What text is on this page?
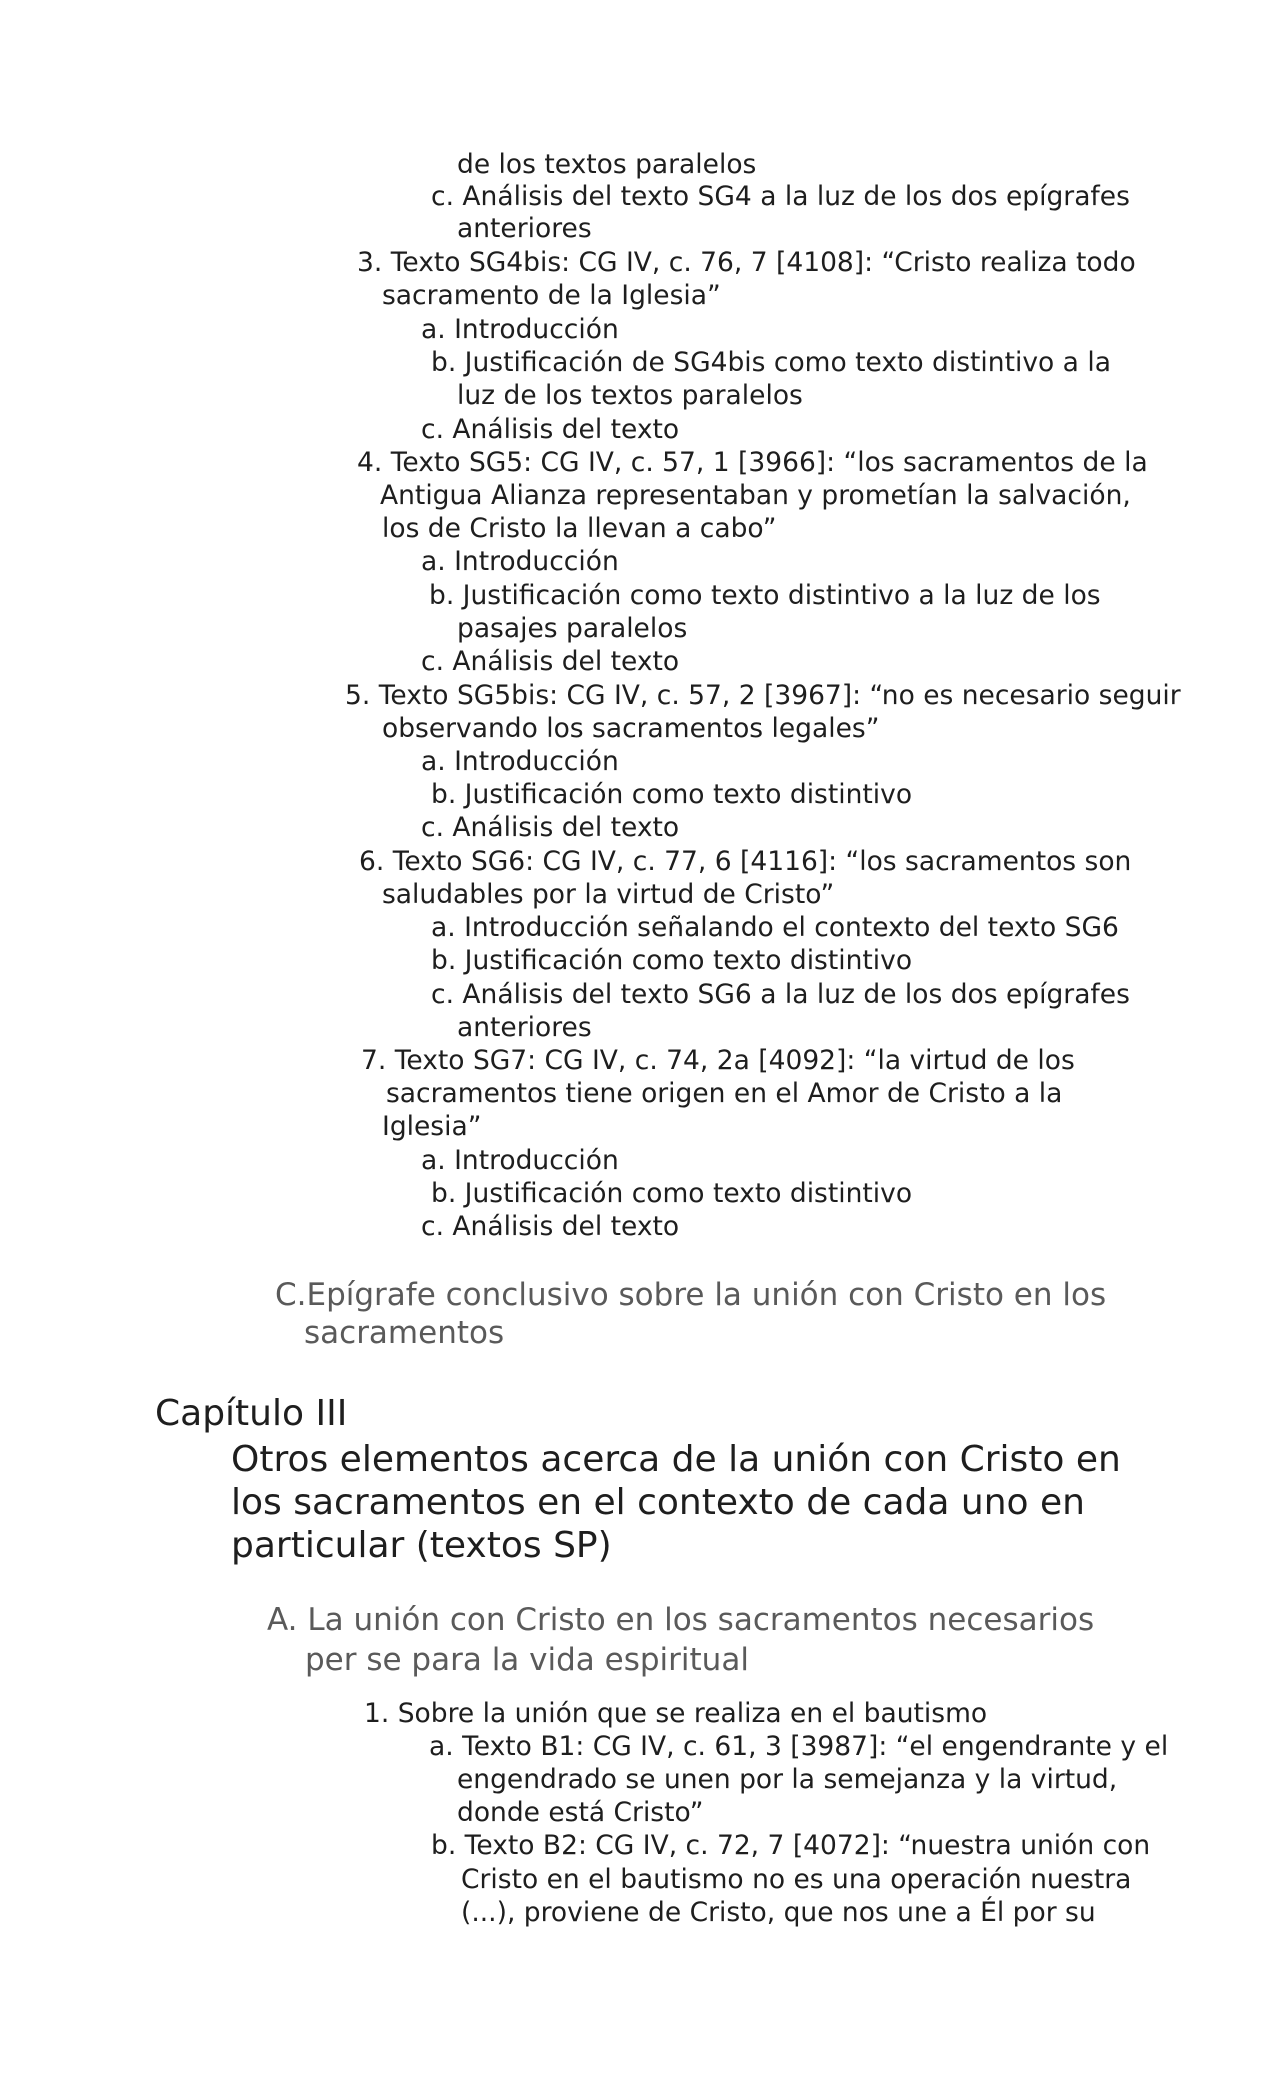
de los textos paralelos

c. Análisis del texto SG4 a la luz de los dos epígrafes

anteriores

3. Texto SG4bis: CG IV, c. 76, 7 [4108]: “Cristo realiza todo

sacramento de la Iglesia”

a. Introducción

b. Justificación de SG4bis como texto distintivo a la

luz de los textos paralelos

c. Análisis del texto

4. Texto SG5: CG IV, c. 57, 1 [3966]: “los sacramentos de la

Antigua Alianza representaban y prometían la salvación,

los de Cristo la llevan a cabo”

a. Introducción

b. Justificación como texto distintivo a la luz de los

pasajes paralelos

c. Análisis del texto

5. Texto SG5bis: CG IV, c. 57, 2 [3967]: “no es necesario seguir

observando los sacramentos legales”

a. Introducción

b. Justificación como texto distintivo

c. Análisis del texto

6. Texto SG6: CG IV, c. 77, 6 [4116]: “los sacramentos son

saludables por la virtud de Cristo”

a. Introducción señalando el contexto del texto SG6

b. Justificación como texto distintivo

c. Análisis del texto SG6 a la luz de los dos epígrafes

anteriores

7. Texto SG7: CG IV, c. 74, 2a [4092]: “la virtud de los

sacramentos tiene origen en el Amor de Cristo a la

Iglesia”

a. Introducción

b. Justificación como texto distintivo

c. Análisis del texto

C.Epígrafe conclusivo sobre la unión con Cristo en los

sacramentos

Capítulo III

Otros elementos acerca de la unión con Cristo en

los sacramentos en el contexto de cada uno en

particular (textos SP)

A. La unión con Cristo en los sacramentos necesarios

per se para la vida espiritual

1. Sobre la unión que se realiza en el bautismo

a. Texto B1: CG IV, c. 61, 3 [3987]: “el engendrante y el

engendrado se unen por la semejanza y la virtud,

donde está Cristo”

b. Texto B2: CG IV, c. 72, 7 [4072]: “nuestra unión con

Cristo en el bautismo no es una operación nuestra

(...), proviene de Cristo, que nos une a Él por su
